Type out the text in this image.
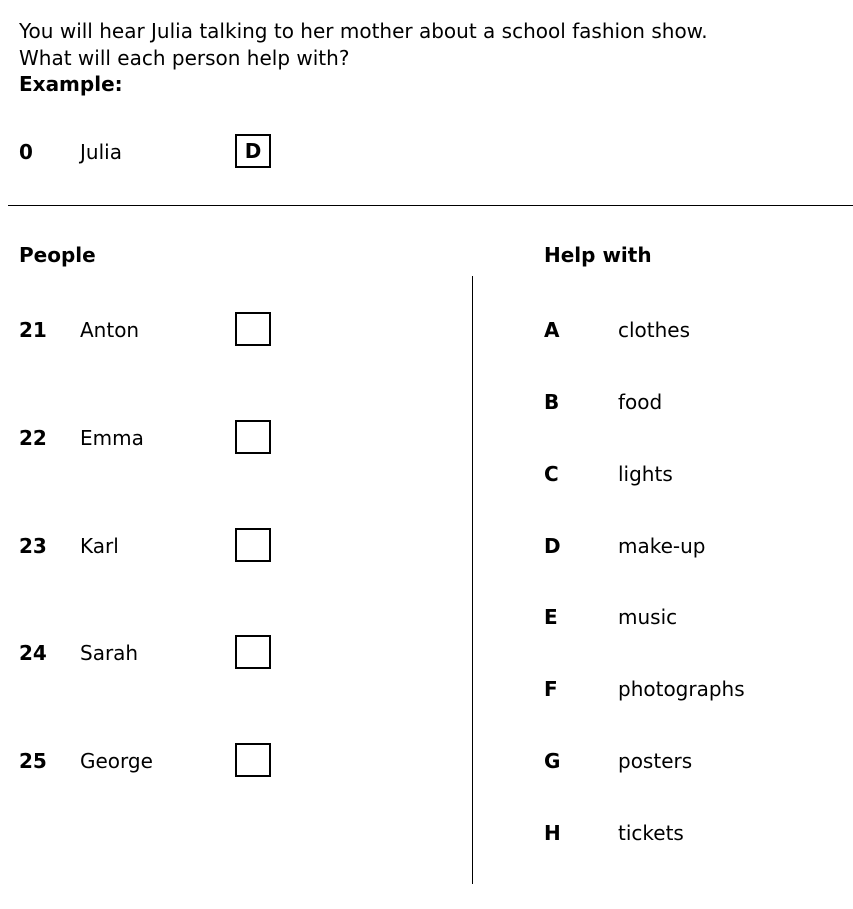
You will hear Julia talking to her mother about a school fashion show.
What will each person help with?
Example:
0 Julia	D
People	Help with
21 Anton
22 Emma
23 Karl
24 Sarah
25 George
A	clothes
B	food
C	lights
D	make-up
E	music
F	photographs
G	posters
H	tickets
